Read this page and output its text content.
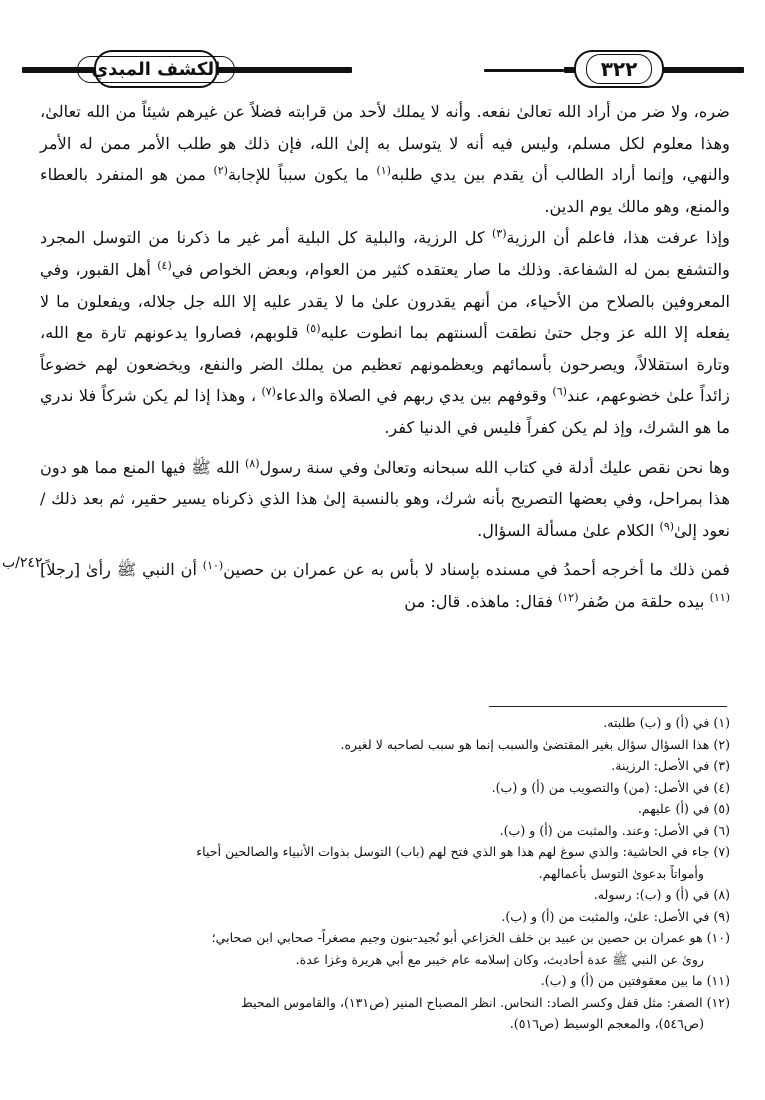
الكشف المبدي	٣٢٢
٢٤٢/ب

ضره، ولا ضر من أراد الله تعالىٰ نفعه. وأنه لا يملك لأحد من قرابته فضلاً عن غيرهم شيئاً من الله تعالىٰ، وهذا معلوم لكل مسلم، وليس فيه أنه لا يتوسل به إلىٰ الله، فإن ذلك هو طلب الأمر ممن له الأمر والنهي، وإنما أراد الطالب أن يقدم بين يدي طلبه$^{(١)}$ ما يكون سبباً للإجابة$^{(٢)}$ ممن هو المنفرد بالعطاء والمنع، وهو مالك يوم الدين.

وإذا عرفت هذا، فاعلم أن الرزية$^{(٣)}$ كل الرزية، والبلية كل البلية أمر غير ما ذكرنا من التوسل المجرد والتشفع بمن له الشفاعة. وذلك ما صار يعتقده كثير من العوام، وبعض الخواص في$^{(٤)}$ أهل القبور، وفي المعروفين بالصلاح من الأحياء، من أنهم يقدرون علىٰ ما لا يقدر عليه إلا الله جل جلاله، ويفعلون ما لا يفعله إلا الله عز وجل حتىٰ نطقت ألسنتهم بما انطوت عليه$^{(٥)}$ قلوبهم، فصاروا يدعونهم تارة مع الله، وتارة استقلالاً، ويصرحون بأسمائهم ويعظمونهم تعظيم من يملك الضر والنفع، ويخضعون لهم خضوعاً زائداً علىٰ خضوعهم، عند$^{(٦)}$ وقوفهم بين يدي ربهم في الصلاة والدعاء$^{(٧)}$ ، وهذا إذا لم يكن شركاً فلا ندري ما هو الشرك، وإذ لم يكن كفراً فليس في الدنيا كفر.

وها نحن نقص عليك أدلة في كتاب الله سبحانه وتعالىٰ وفي سنة رسول$^{(٨)}$ الله ﷺ فيها المنع مما هو دون هذا بمراحل، وفي بعضها التصريح بأنه شرك، وهو بالنسبة إلىٰ هذا الذي ذكرناه يسير حقير، ثم بعد ذلك / نعود إلىٰ$^{(٩)}$ الكلام علىٰ مسألة السؤال.

فمن ذلك ما أخرجه أحمدُ في مسنده بإسناد لا بأس به عن عمران بن حصين$^{(١٠)}$ أن النبي ﷺ رأىٰ [رجلاً]$^{(١١)}$ بيده حلقة من صُفر$^{(١٢)}$ فقال: ماهذه. قال: من

(١) في (أ) و (ب) طلبته.

(٢) هذا السؤال سؤال بغير المقتضىٰ والسبب إنما هو سبب لصاحبه لا لغيره.

(٣) في الأصل: الرزينة.

(٤) في الأصل: (من) والتصويب من (أ) و (ب).

(٥) في (أ) عليهم.

(٦) في الأصل: وعند. والمثبت من (أ) و (ب).

(٧) جاء في الحاشية: والذي سوغ لهم هذا هو الذي فتح لهم (باب) التوسل بذوات الأنبياء والصالحين أحياء

وأمواتاً بدعوىٰ التوسل بأعمالهم.

(٨) في (أ) و (ب): رسوله.

(٩) في الأصل: علىٰ، والمثبت من (أ) و (ب).

(١٠) هو عمران بن حصين بن عبيد بن خلف الخزاعي أبو نُجيد-بنون وجيم مصغراً- صحابي ابن صحابي؛

رویٰ عن النبي ﷺ عدة أحاديث، وكان إسلامه عام خيبر مع أبي هريرة وغزا عدة.

(١١) ما بين معقوفتين من (أ) و (ب).

(١٢) الصفر: مثل قفل وكسر الصاد: النحاس. انظر المصباح المنير (ص١٣١)، والقاموس المحيط

(ص٥٤٦)، والمعجم الوسيط (ص٥١٦).
